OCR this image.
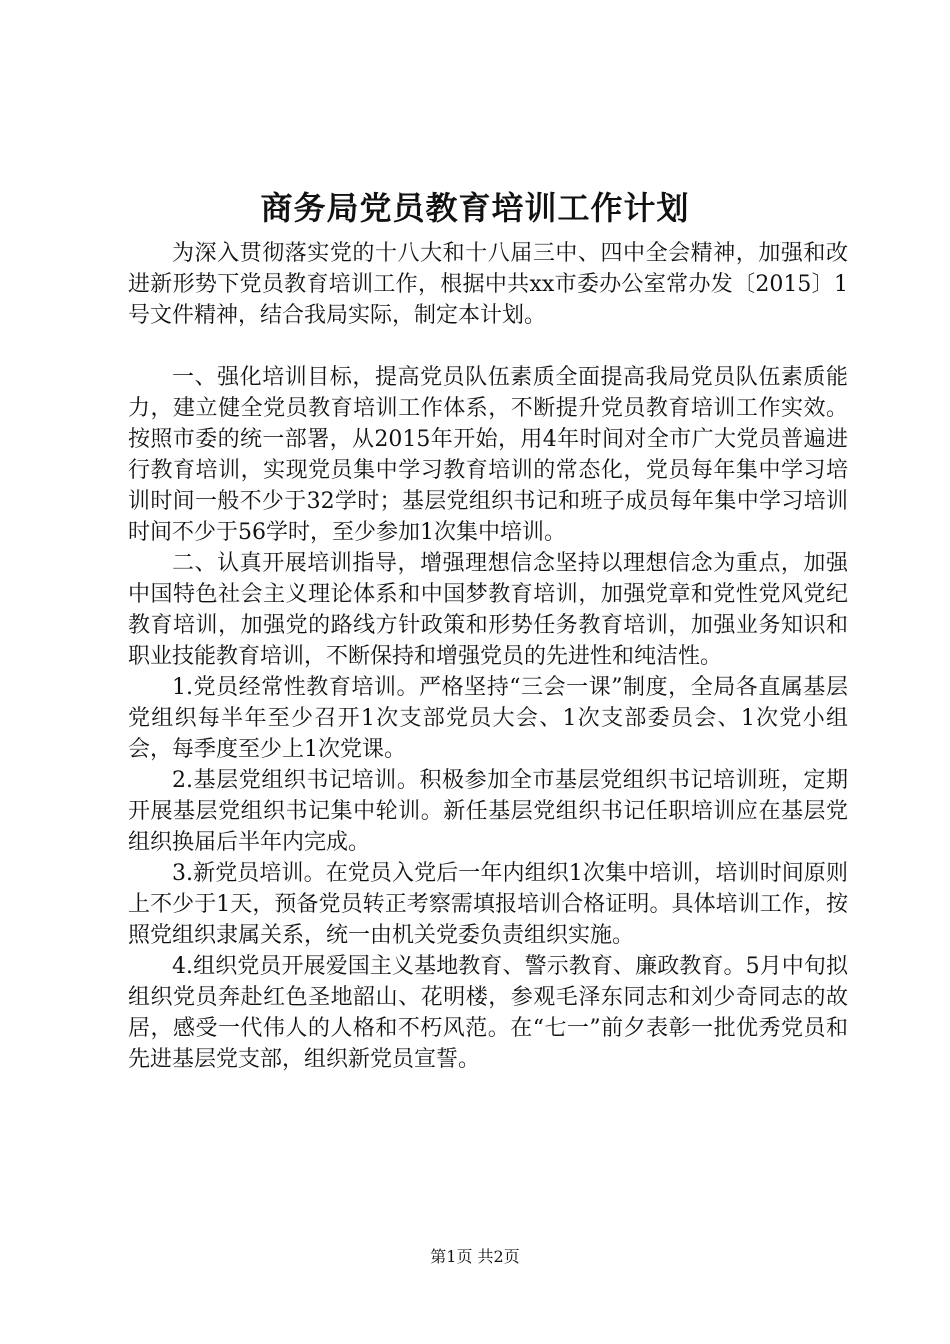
商务局党员教育培训工作计划

为深入贯彻落实党的十八大和十八届三中、四中全会精神，加强和改进新形势下党员教育培训工作，根据中共xx市委办公室常办发〔2015〕1号文件精神，结合我局实际，制定本计划。

一、强化培训目标，提高党员队伍素质全面提高我局党员队伍素质能力，建立健全党员教育培训工作体系，不断提升党员教育培训工作实效。按照市委的统一部署，从2015年开始，用4年时间对全市广大党员普遍进行教育培训，实现党员集中学习教育培训的常态化，党员每年集中学习培训时间一般不少于32学时；基层党组织书记和班子成员每年集中学习培训时间不少于56学时，至少参加1次集中培训。

二、认真开展培训指导，增强理想信念坚持以理想信念为重点，加强中国特色社会主义理论体系和中国梦教育培训，加强党章和党性党风党纪教育培训，加强党的路线方针政策和形势任务教育培训，加强业务知识和职业技能教育培训，不断保持和增强党员的先进性和纯洁性。

1.党员经常性教育培训。严格坚持“三会一课”制度，全局各直属基层党组织每半年至少召开1次支部党员大会、1次支部委员会、1次党小组会，每季度至少上1次党课。

2.基层党组织书记培训。积极参加全市基层党组织书记培训班，定期开展基层党组织书记集中轮训。新任基层党组织书记任职培训应在基层党组织换届后半年内完成。

3.新党员培训。在党员入党后一年内组织1次集中培训，培训时间原则上不少于1天，预备党员转正考察需填报培训合格证明。具体培训工作，按照党组织隶属关系，统一由机关党委负责组织实施。

4.组织党员开展爱国主义基地教育、警示教育、廉政教育。5月中旬拟组织党员奔赴红色圣地韶山、花明楼，参观毛泽东同志和刘少奇同志的故居，感受一代伟人的人格和不朽风范。在“七一”前夕表彰一批优秀党员和先进基层党支部，组织新党员宣誓。

第1页 共2页
